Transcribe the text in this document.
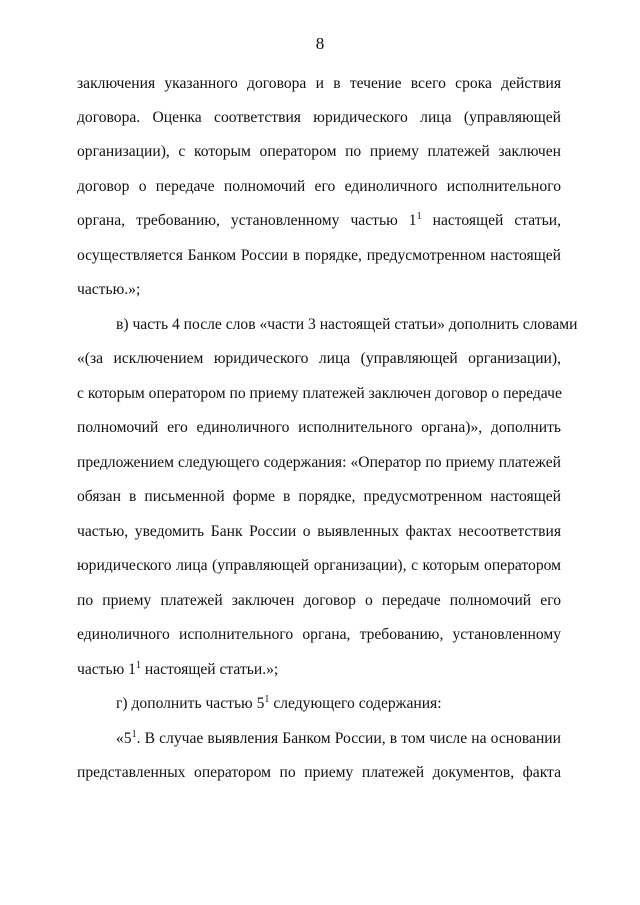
8
заключения указанного договора и в течение всего срока действия
договора. Оценка соответствия юридического лица (управляющей
организации), с которым оператором по приему платежей заключен
договор о передаче полномочий его единоличного исполнительного
органа, требованию, установленному частью $1^1$ настоящей статьи,
осуществляется Банком России в порядке, предусмотренном настоящей
частью.»;
в) часть 4 после слов «части 3 настоящей статьи» дополнить словами
«(за исключением юридического лица (управляющей организации),
с которым оператором по приему платежей заключен договор о передаче
полномочий его единоличного исполнительного органа)», дополнить
предложением следующего содержания: «Оператор по приему платежей
обязан в письменной форме в порядке, предусмотренном настоящей
частью, уведомить Банк России о выявленных фактах несоответствия
юридического лица (управляющей организации), с которым оператором
по приему платежей заключен договор о передаче полномочий его
единоличного исполнительного органа, требованию, установленному
частью $1^1$ настоящей статьи.»;
г) дополнить частью $5^1$ следующего содержания:
«$5^1$. В случае выявления Банком России, в том числе на основании
представленных оператором по приему платежей документов, факта
